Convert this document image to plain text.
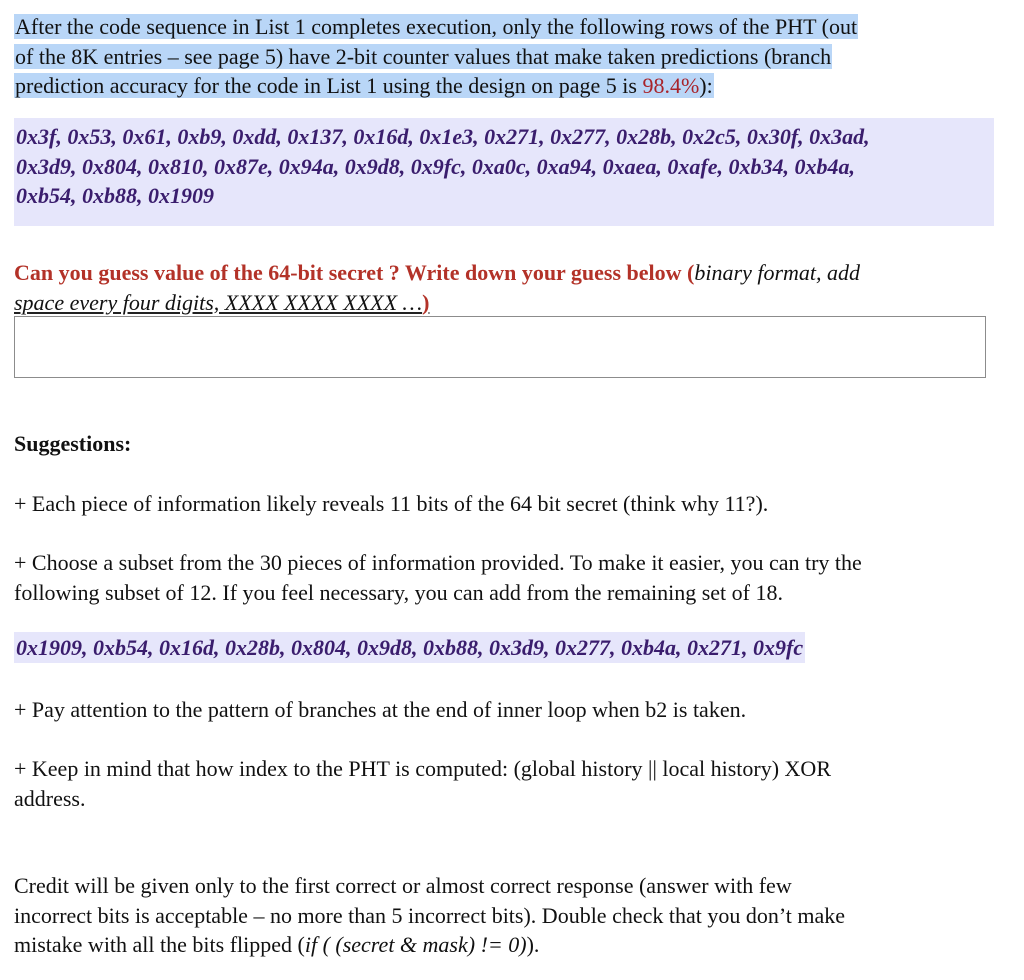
After the code sequence in List 1 completes execution, only the following rows of the PHT (out
of the 8K entries – see page 5) have 2-bit counter values that make taken predictions (branch
prediction accuracy for the code in List 1 using the design on page 5 is 98.4%):
0x3f, 0x53, 0x61, 0xb9, 0xdd, 0x137, 0x16d, 0x1e3, 0x271, 0x277, 0x28b, 0x2c5, 0x30f, 0x3ad,
0x3d9, 0x804, 0x810, 0x87e, 0x94a, 0x9d8, 0x9fc, 0xa0c, 0xa94, 0xaea, 0xafe, 0xb34, 0xb4a,
0xb54, 0xb88, 0x1909
Can you guess value of the 64-bit secret ? Write down your guess below (binary format, add
space every four digits, XXXX XXXX XXXX …)
Suggestions:
+ Each piece of information likely reveals 11 bits of the 64 bit secret (think why 11?).
+ Choose a subset from the 30 pieces of information provided. To make it easier, you can try the
following subset of 12. If you feel necessary, you can add from the remaining set of 18.
0x1909, 0xb54, 0x16d, 0x28b, 0x804, 0x9d8, 0xb88, 0x3d9, 0x277, 0xb4a, 0x271, 0x9fc
+ Pay attention to the pattern of branches at the end of inner loop when b2 is taken.
+ Keep in mind that how index to the PHT is computed: (global history || local history) XOR
address.
Credit will be given only to the first correct or almost correct response (answer with few
incorrect bits is acceptable – no more than 5 incorrect bits). Double check that you don’t make
mistake with all the bits flipped (if ( (secret & mask) != 0)).
